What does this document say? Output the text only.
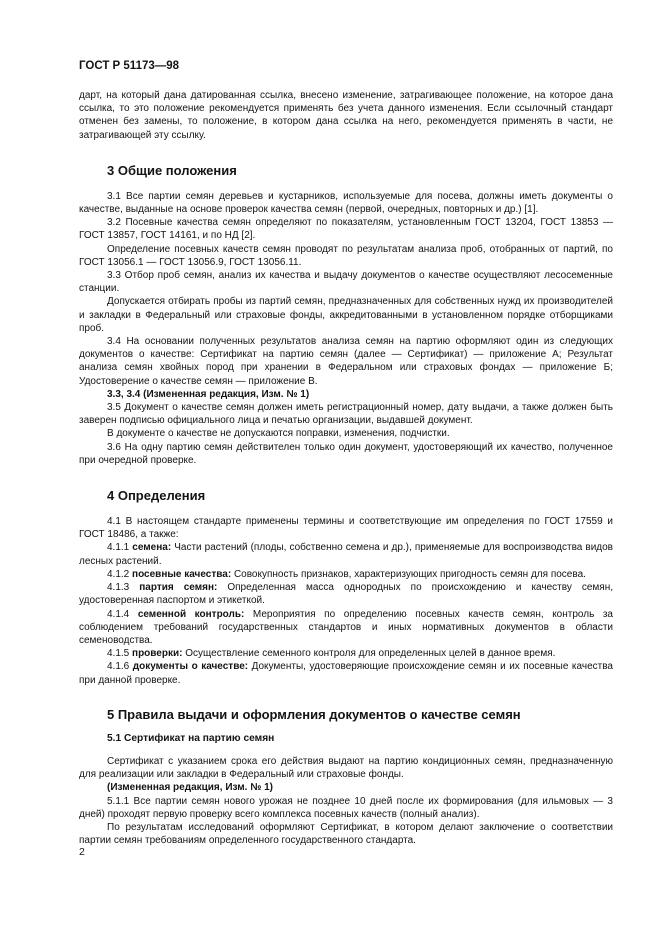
ГОСТ Р 51173—98

дарт, на который дана датированная ссылка, внесено изменение, затрагивающее положение, на которое дана ссылка, то это положение рекомендуется применять без учета данного изменения. Если ссылочный стандарт отменен без замены, то положение, в котором дана ссылка на него, рекомендуется применять в части, не затрагивающей эту ссылку.

3 Общие положения

3.1 Все партии семян деревьев и кустарников, используемые для посева, должны иметь документы о качестве, выданные на основе проверок качества семян (первой, очередных, повторных и др.) [1].

3.2 Посевные качества семян определяют по показателям, установленным ГОСТ 13204, ГОСТ 13853 — ГОСТ 13857, ГОСТ 14161, и по НД [2].

Определение посевных качеств семян проводят по результатам анализа проб, отобранных от партий, по ГОСТ 13056.1 — ГОСТ 13056.9, ГОСТ 13056.11.

3.3 Отбор проб семян, анализ их качества и выдачу документов о качестве осуществляют лесосеменные станции.

Допускается отбирать пробы из партий семян, предназначенных для собственных нужд их производителей и закладки в Федеральный или страховые фонды, аккредитованными в установленном порядке отборщиками проб.

3.4 На основании полученных результатов анализа семян на партию оформляют один из следующих документов о качестве: Сертификат на партию семян (далее — Сертификат) — приложение А; Результат анализа семян хвойных пород при хранении в Федеральном или страховых фондах — приложение Б; Удостоверение о качестве семян — приложение В.

3.3, 3.4 (Измененная редакция, Изм. № 1)

3.5 Документ о качестве семян должен иметь регистрационный номер, дату выдачи, а также должен быть заверен подписью официального лица и печатью организации, выдавшей документ.

В документе о качестве не допускаются поправки, изменения, подчистки.

3.6 На одну партию семян действителен только один документ, удостоверяющий их качество, полученное при очередной проверке.

4 Определения

4.1 В настоящем стандарте применены термины и соответствующие им определения по ГОСТ 17559 и ГОСТ 18486, а также:

4.1.1 семена: Части растений (плоды, собственно семена и др.), применяемые для воспроизводства видов лесных растений.

4.1.2 посевные качества: Совокупность признаков, характеризующих пригодность семян для посева.

4.1.3 партия семян: Определенная масса однородных по происхождению и качеству семян, удостоверенная паспортом и этикеткой.

4.1.4 семенной контроль: Мероприятия по определению посевных качеств семян, контроль за соблюдением требований государственных стандартов и иных нормативных документов в области семеноводства.

4.1.5 проверки: Осуществление семенного контроля для определенных целей в данное время.

4.1.6 документы о качестве: Документы, удостоверяющие происхождение семян и их посевные качества при данной проверке.

5 Правила выдачи и оформления документов о качестве семян
5.1 Сертификат на партию семян

Сертификат с указанием срока его действия выдают на партию кондиционных семян, предназначенную для реализации или закладки в Федеральный или страховые фонды.

(Измененная редакция, Изм. № 1)

5.1.1 Все партии семян нового урожая не позднее 10 дней после их формирования (для ильмовых — 3 дней) проходят первую проверку всего комплекса посевных качеств (полный анализ).

По результатам исследований оформляют Сертификат, в котором делают заключение о соответствии партии семян требованиям определенного государственного стандарта.

2
